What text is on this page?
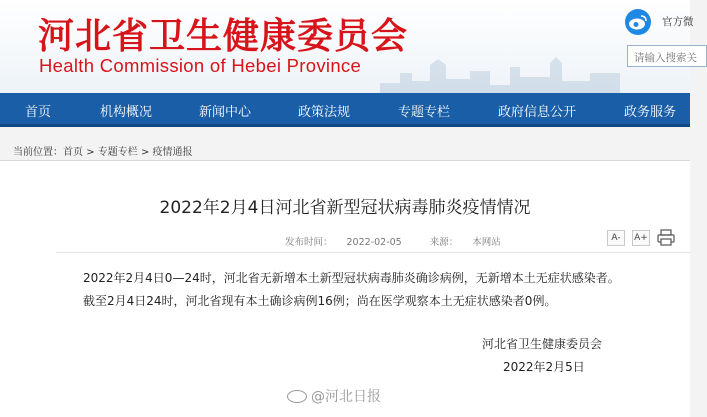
河北省卫生健康委员会
Health Commission of Hebei Province
官方微
请输入搜索关
首页	机构概况	新闻中心	政策法规	专题专栏	政府信息公开	政务服务
当前位置：首页 > 专题专栏 > 疫情通报
2022年2月4日河北省新型冠状病毒肺炎疫情情况
发布时间： 2022-02-05	来源： 本网站	A-	A+
2022年2月4日0—24时，河北省无新增本土新型冠状病毒肺炎确诊病例，无新增本土无症状感染者。
截至2月4日24时，河北省现有本土确诊病例16例；尚在医学观察本土无症状感染者0例。
河北省卫生健康委员会
2022年2月5日
@河北日报
